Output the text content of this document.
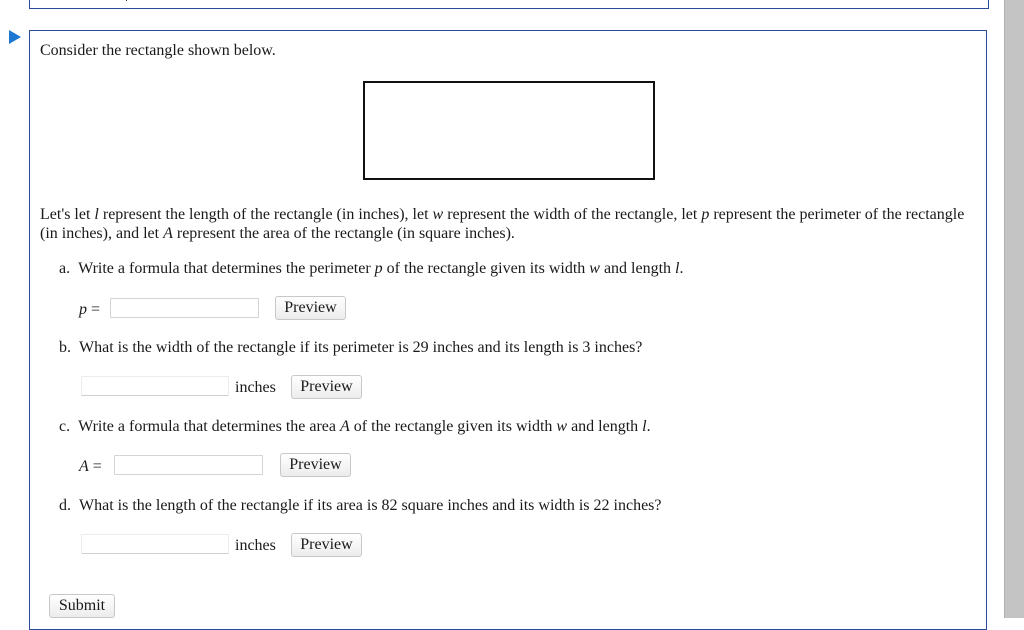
Consider the rectangle shown below.
Let's let l represent the length of the rectangle (in inches), let w represent the width of the rectangle, let p represent the perimeter of the rectangle (in inches), and let A represent the area of the rectangle (in square inches).
a. Write a formula that determines the perimeter p of the rectangle given its width w and length l.
p =	Preview
b. What is the width of the rectangle if its perimeter is 29 inches and its length is 3 inches?
inches	Preview
c. Write a formula that determines the area A of the rectangle given its width w and length l.
A =	Preview
d. What is the length of the rectangle if its area is 82 square inches and its width is 22 inches?
inches	Preview
Submit
